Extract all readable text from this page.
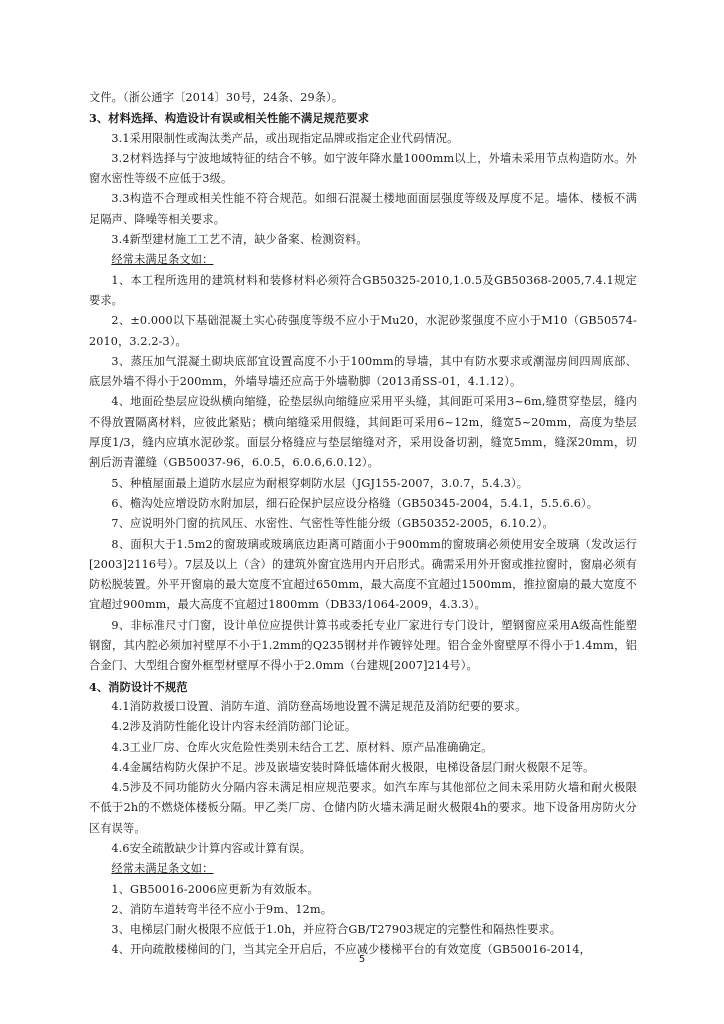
文件。（浙公通字〔2014〕30号，24条、29条）。

3、材料选择、构造设计有误或相关性能不满足规范要求

3.1采用限制性或淘汰类产品，或出现指定品牌或指定企业代码情况。

3.2材料选择与宁波地域特征的结合不够。如宁波年降水量1000mm以上，外墙未采用节点构造防水。外窗水密性等级不应低于3级。

3.3构造不合理或相关性能不符合规范。如细石混凝土楼地面面层强度等级及厚度不足。墙体、楼板不满足隔声、降噪等相关要求。

3.4新型建材施工工艺不清，缺少备案、检测资料。

经常未满足条文如：

1、本工程所选用的建筑材料和装修材料必须符合GB50325-2010,1.0.5及GB50368-2005,7.4.1规定要求。

2、±0.000以下基础混凝土实心砖强度等级不应小于Mu20，水泥砂浆强度不应小于M10（GB50574-2010，3.2.2-3）。

3、蒸压加气混凝土砌块底部宜设置高度不小于100mm的导墙，其中有防水要求或潮湿房间四周底部、底层外墙不得小于200mm，外墙导墙还应高于外墙勒脚（2013甬SS-01，4.1.12）。

4、地面砼垫层应设纵横向缩缝，砼垫层纵向缩缝应采用平头缝，其间距可采用3~6m,缝贯穿垫层，缝内不得放置隔离材料，应彼此紧贴；横向缩缝采用假缝，其间距可采用6~12m，缝宽5~20mm，高度为垫层厚度1/3，缝内应填水泥砂浆。面层分格缝应与垫层缩缝对齐，采用设备切割，缝宽5mm，缝深20mm，切割后沥青灌缝（GB50037-96，6.0.5，6.0.6,6.0.12）。

5、种植屋面最上道防水层应为耐根穿刺防水层（JGJ155-2007，3.0.7，5.4.3）。

6、檐沟处应增设防水附加层，细石砼保护层应设分格缝（GB50345-2004，5.4.1，5.5.6.6）。

7、应说明外门窗的抗风压、水密性、气密性等性能分级（GB50352-2005，6.10.2）。

8、面积大于1.5m2的窗玻璃或玻璃底边距离可踏面小于900mm的窗玻璃必须使用安全玻璃（发改运行[2003]2116号）。7层及以上（含）的建筑外窗宜选用内开启形式。确需采用外开窗或推拉窗时，窗扇必须有防松脱装置。外平开窗扇的最大宽度不宜超过650mm，最大高度不宜超过1500mm，推拉窗扇的最大宽度不宜超过900mm，最大高度不宜超过1800mm（DB33/1064-2009，4.3.3）。

9、非标准尺寸门窗，设计单位应提供计算书或委托专业厂家进行专门设计，塑钢窗应采用A级高性能塑钢窗，其内腔必须加衬壁厚不小于1.2mm的Q235钢材并作镀锌处理。铝合金外窗壁厚不得小于1.4mm，铝合金门、大型组合窗外框型材壁厚不得小于2.0mm（台建规[2007]214号）。

4、消防设计不规范

4.1消防救援口设置、消防车道、消防登高场地设置不满足规范及消防纪要的要求。

4.2涉及消防性能化设计内容未经消防部门论证。

4.3工业厂房、仓库火灾危险性类别未结合工艺、原材料、原产品准确确定。

4.4金属结构防火保护不足。涉及嵌墙安装时降低墙体耐火极限，电梯设备层门耐火极限不足等。

4.5涉及不同功能防火分隔内容未满足相应规范要求。如汽车库与其他部位之间未采用防火墙和耐火极限不低于2h的不燃烧体楼板分隔。甲乙类厂房、仓储内防火墙未满足耐火极限4h的要求。地下设备用房防火分区有误等。

4.6安全疏散缺少计算内容或计算有误。

经常未满足条文如：

1、GB50016-2006应更新为有效版本。

2、消防车道转弯半径不应小于9m、12m。

3、电梯层门耐火极限不应低于1.0h，并应符合GB/T27903规定的完整性和隔热性要求。

4、开向疏散楼梯间的门，当其完全开启后，不应减少楼梯平台的有效宽度（GB50016-2014，

5
